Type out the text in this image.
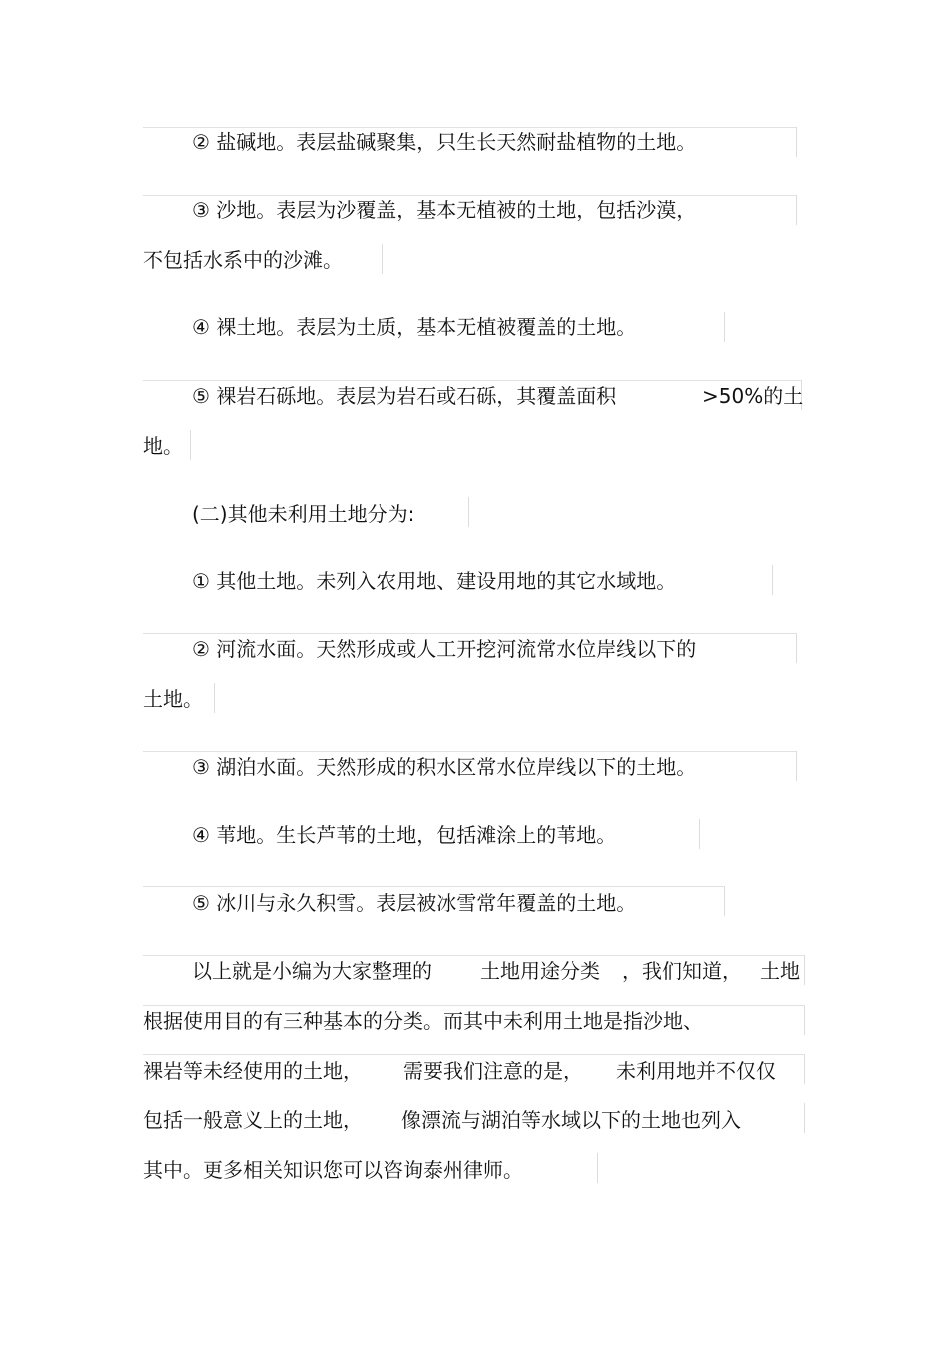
② 盐碱地。表层盐碱聚集，只生长天然耐盐植物的土地。
③ 沙地。表层为沙覆盖，基本无植被的土地，包括沙漠，
不包括水系中的沙滩。
④ 裸土地。表层为土质，基本无植被覆盖的土地。
⑤ 裸岩石砾地。表层为岩石或石砾，其覆盖面积	>50%的土
地。
(二)其他未利用土地分为:
① 其他土地。未列入农用地、建设用地的其它水域地。
② 河流水面。天然形成或人工开挖河流常水位岸线以下的
土地。
③ 湖泊水面。天然形成的积水区常水位岸线以下的土地。
④ 苇地。生长芦苇的土地，包括滩涂上的苇地。
⑤ 冰川与永久积雪。表层被冰雪常年覆盖的土地。
以上就是小编为大家整理的 土地用途分类 ，我们知道， 土地
根据使用目的有三种基本的分类。而其中未利用土地是指沙地、
裸岩等未经使用的土地， 需要我们注意的是， 未利用地并不仅仅
包括一般意义上的土地， 像漂流与湖泊等水域以下的土地也列入
其中。更多相关知识您可以咨询泰州律师。
